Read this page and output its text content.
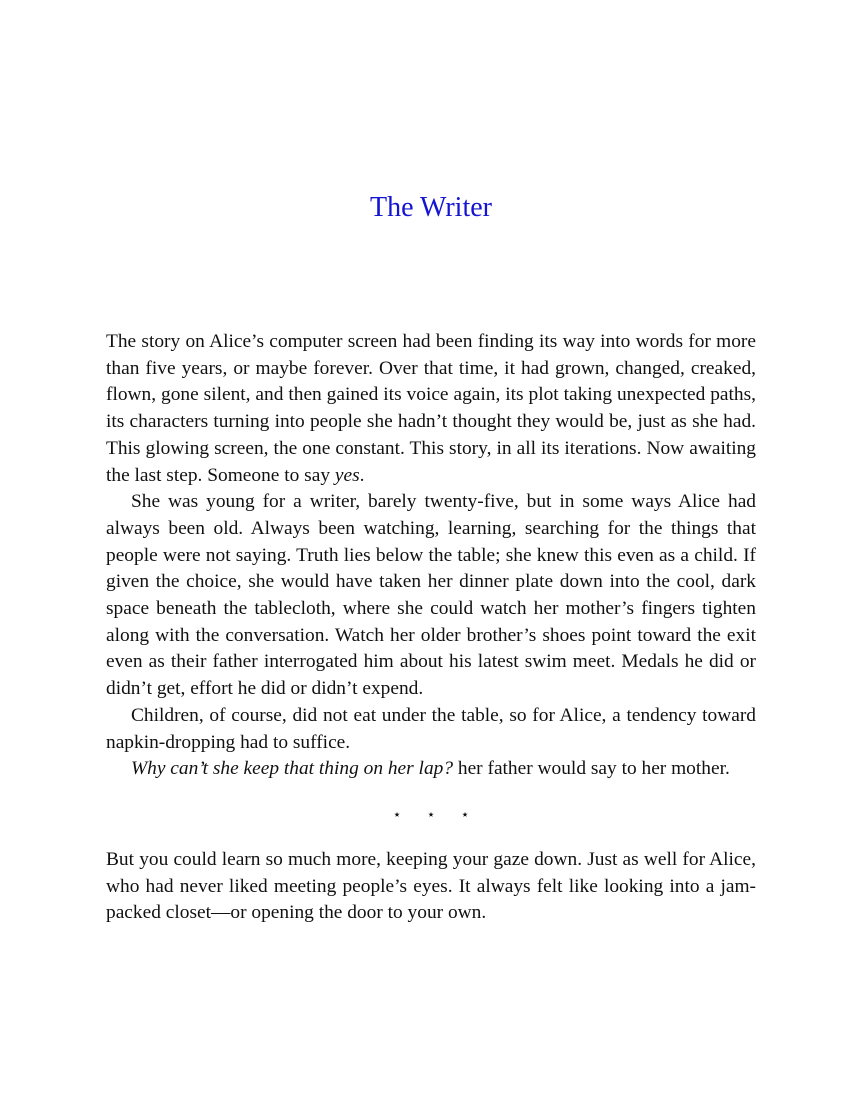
The Writer

The story on Alice’s computer screen had been finding its way into words for more than five years, or maybe forever. Over that time, it had grown, changed, creaked, flown, gone silent, and then gained its voice again, its plot taking unexpected paths, its characters turning into people she hadn’t thought they would be, just as she had. This glowing screen, the one constant. This story, in all its iterations. Now awaiting the last step. Someone to say yes.

She was young for a writer, barely twenty-five, but in some ways Alice had always been old. Always been watching, learning, searching for the things that people were not saying. Truth lies below the table; she knew this even as a child. If given the choice, she would have taken her dinner plate down into the cool, dark space beneath the tablecloth, where she could watch her mother’s fingers tighten along with the conversation. Watch her older brother’s shoes point toward the exit even as their father interrogated him about his latest swim meet. Medals he did or didn’t get, effort he did or didn’t expend.

Children, of course, did not eat under the table, so for Alice, a tendency toward napkin-dropping had to suffice.

Why can’t she keep that thing on her lap? her father would say to her mother.

⋆ ⋆ ⋆

But you could learn so much more, keeping your gaze down. Just as well for Alice, who had never liked meeting people’s eyes. It always felt like looking into a jam-packed closet—or opening the door to your own.
